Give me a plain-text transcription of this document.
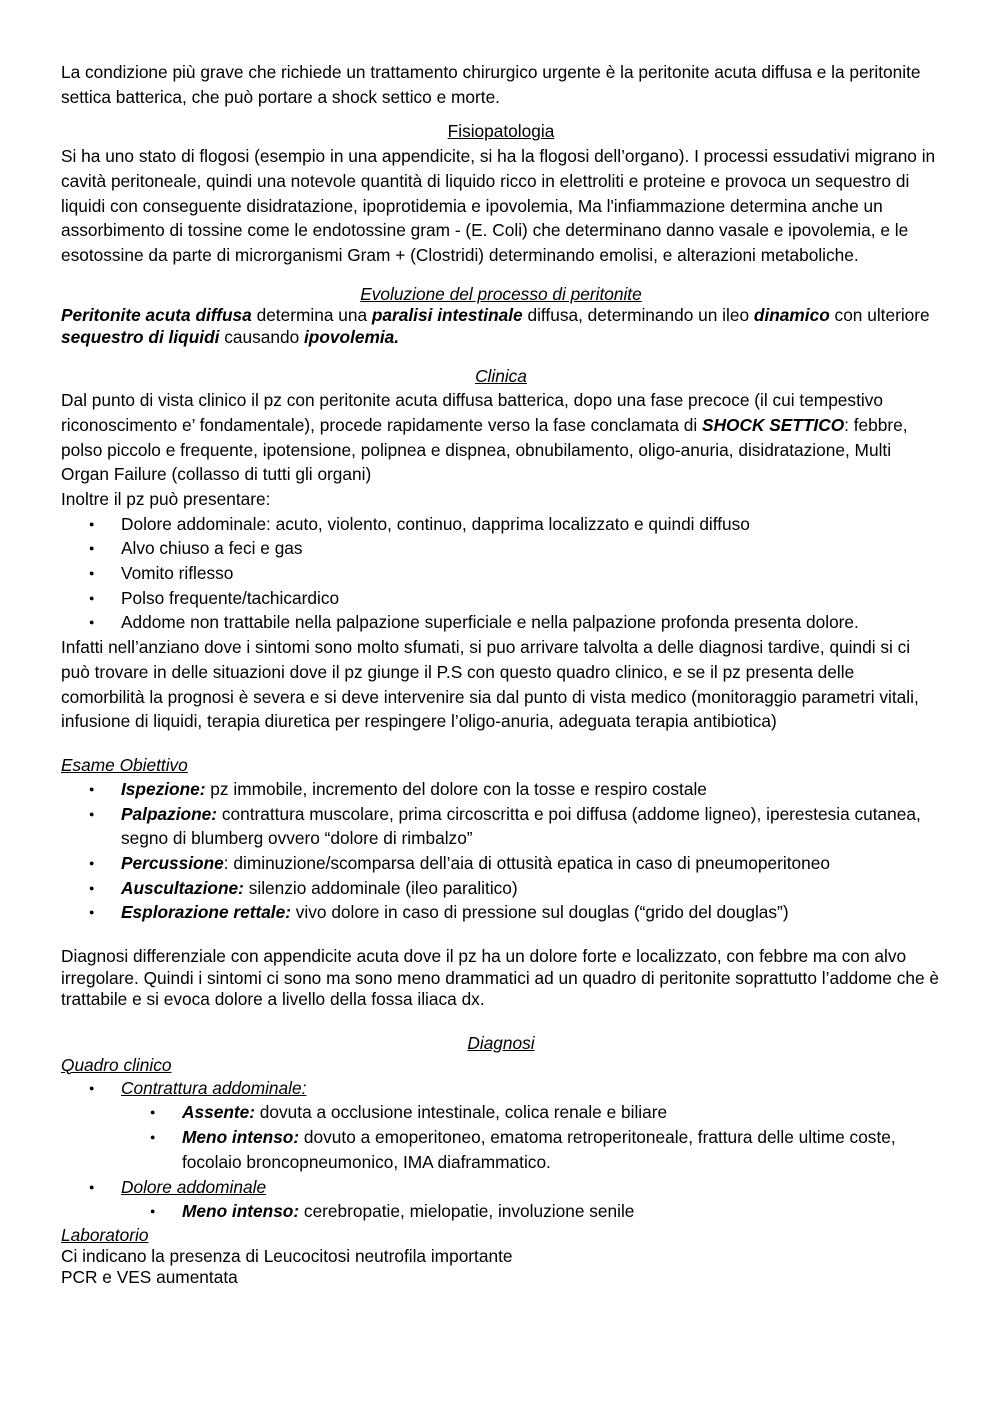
La condizione più grave che richiede un trattamento chirurgico urgente è la peritonite acuta diffusa e la peritonite settica batterica, che può portare a shock settico e morte.

Fisiopatologia

Si ha uno stato di flogosi (esempio in una appendicite, si ha la flogosi dell’organo). I processi essudativi migrano in cavità peritoneale, quindi una notevole quantità di liquido ricco in elettroliti e proteine e provoca un sequestro di liquidi con conseguente disidratazione, ipoprotidemia e ipovolemia, Ma l'infiammazione determina anche un assorbimento di tossine come le endotossine gram - (E. Coli) che determinano danno vasale e ipovolemia, e le esotossine da parte di microrganismi Gram + (Clostridi) determinando emolisi, e alterazioni metaboliche.

Evoluzione del processo di peritonite

Peritonite acuta diffusa determina una paralisi intestinale diffusa, determinando un ileo dinamico con ulteriore sequestro di liquidi causando ipovolemia.

Clinica

Dal punto di vista clinico il pz con peritonite acuta diffusa batterica, dopo una fase precoce (il cui tempestivo riconoscimento e’ fondamentale), procede rapidamente verso la fase conclamata di SHOCK SETTICO: febbre, polso piccolo e frequente, ipotensione, polipnea e dispnea, obnubilamento, oligo-anuria, disidratazione, Multi Organ Failure (collasso di tutti gli organi)

Inoltre il pz può presentare:

●
Dolore addominale: acuto, violento, continuo, dapprima localizzato e quindi diffuso
●
Alvo chiuso a feci e gas
●
Vomito riflesso
●
Polso frequente/tachicardico
●
Addome non trattabile nella palpazione superficiale e nella palpazione profonda presenta dolore.

Infatti nell’anziano dove i sintomi sono molto sfumati, si puo arrivare talvolta a delle diagnosi tardive, quindi si ci può trovare in delle situazioni dove il pz giunge il P.S con questo quadro clinico, e se il pz presenta delle comorbilità la prognosi è severa e si deve intervenire sia dal punto di vista medico (monitoraggio parametri vitali, infusione di liquidi, terapia diuretica per respingere l’oligo-anuria, adeguata terapia antibiotica)

Esame Obiettivo

●
Ispezione: pz immobile, incremento del dolore con la tosse e respiro costale
●
Palpazione: contrattura muscolare, prima circoscritta e poi diffusa (addome ligneo), iperestesia cutanea, segno di blumberg ovvero “dolore di rimbalzo”
●
Percussione: diminuzione/scomparsa dell’aia di ottusità epatica in caso di pneumoperitoneo
●
Auscultazione: silenzio addominale (ileo paralitico)
●
Esplorazione rettale: vivo dolore in caso di pressione sul douglas (“grido del douglas”)

Diagnosi differenziale con appendicite acuta dove il pz ha un dolore forte e localizzato, con febbre ma con alvo irregolare. Quindi i sintomi ci sono ma sono meno drammatici ad un quadro di peritonite soprattutto l’addome che è trattabile e si evoca dolore a livello della fossa iliaca dx.

Diagnosi

Quadro clinico

●
Contrattura addominale:
●
Assente: dovuta a occlusione intestinale, colica renale e biliare
●
Meno intenso: dovuto a emoperitoneo, ematoma retroperitoneale, frattura delle ultime coste, focolaio broncopneumonico, IMA diaframmatico.
●
Dolore addominale
●
Meno intenso: cerebropatie, mielopatie, involuzione senile

Laboratorio

Ci indicano la presenza di Leucocitosi neutrofila importante

PCR e VES aumentata
